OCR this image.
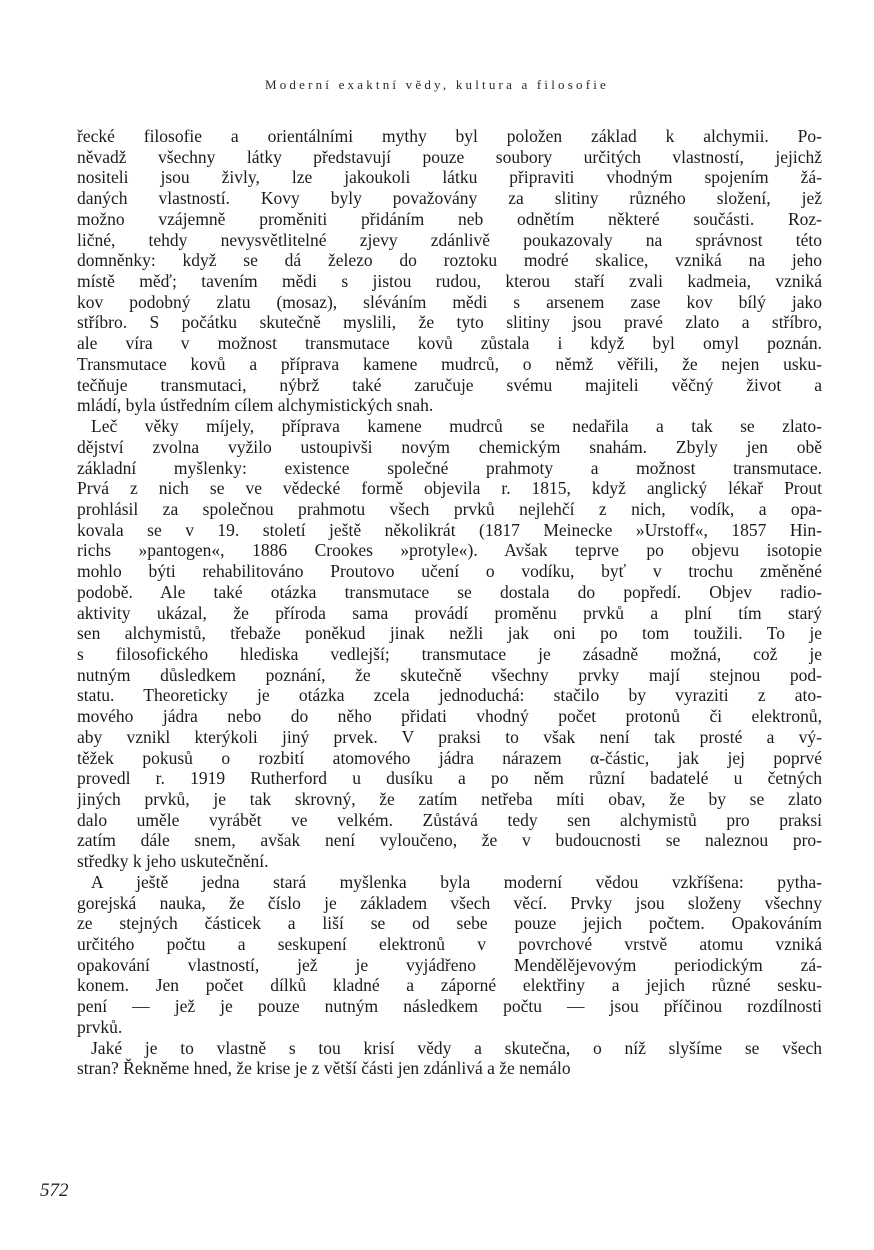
Moderní exaktní vědy, kultura a filosofie

řecké filosofie a orientálními mythy byl položen základ k alchymii. Po-
něvadž všechny látky představují pouze soubory určitých vlastností, jejichž
nositeli jsou živly, lze jakoukoli látku připraviti vhodným spojením žá-
daných vlastností. Kovy byly považovány za slitiny různého složení, jež
možno vzájemně proměniti přidáním neb odnětím některé součásti. Roz-
ličné, tehdy nevysvětlitelné zjevy zdánlivě poukazovaly na správnost této
domněnky: když se dá železo do roztoku modré skalice, vzniká na jeho
místě měď; tavením mědi s jistou rudou, kterou staří zvali kadmeia, vzniká
kov podobný zlatu (mosaz), sléváním mědi s arsenem zase kov bílý jako
stříbro. S počátku skutečně myslili, že tyto slitiny jsou pravé zlato a stříbro,
ale víra v možnost transmutace kovů zůstala i když byl omyl poznán.
Transmutace kovů a příprava kamene mudrců, o němž věřili, že nejen usku-
tečňuje transmutaci, nýbrž také zaručuje svému majiteli věčný život a
mládí, byla ústředním cílem alchymistických snah.

Leč věky míjely, příprava kamene mudrců se nedařila a tak se zlato-
dějství zvolna vyžilo ustoupivši novým chemickým snahám. Zbyly jen obě
základní myšlenky: existence společné prahmoty a možnost transmutace.
Prvá z nich se ve vědecké formě objevila r. 1815, když anglický lékař Prout
prohlásil za společnou prahmotu všech prvků nejlehčí z nich, vodík, a opa-
kovala se v 19. století ještě několikrát (1817 Meinecke »Urstoff«, 1857 Hin-
richs »pantogen«, 1886 Crookes »protyle«). Avšak teprve po objevu isotopie
mohlo býti rehabilitováno Proutovo učení o vodíku, byť v trochu změněné
podobě. Ale také otázka transmutace se dostala do popředí. Objev radio-
aktivity ukázal, že příroda sama provádí proměnu prvků a plní tím starý
sen alchymistů, třebaže poněkud jinak nežli jak oni po tom toužili. To je
s filosofického hlediska vedlejší; transmutace je zásadně možná, což je
nutným důsledkem poznání, že skutečně všechny prvky mají stejnou pod-
statu. Theoreticky je otázka zcela jednoduchá: stačilo by vyraziti z ato-
mového jádra nebo do něho přidati vhodný počet protonů či elektronů,
aby vznikl kterýkoli jiný prvek. V praksi to však není tak prosté a vý-
těžek pokusů o rozbití atomového jádra nárazem α-částic, jak jej poprvé
provedl r. 1919 Rutherford u dusíku a po něm různí badatelé u četných
jiných prvků, je tak skrovný, že zatím netřeba míti obav, že by se zlato
dalo uměle vyrábět ve velkém. Zůstává tedy sen alchymistů pro praksi
zatím dále snem, avšak není vyloučeno, že v budoucnosti se naleznou pro-
středky k jeho uskutečnění.

A ještě jedna stará myšlenka byla moderní vědou vzkříšena: pytha-
gorejská nauka, že číslo je základem všech věcí. Prvky jsou složeny všechny
ze stejných částicek a liší se od sebe pouze jejich počtem. Opakováním
určitého počtu a seskupení elektronů v povrchové vrstvě atomu vzniká
opakování vlastností, jež je vyjádřeno Mendělějevovým periodickým zá-
konem. Jen počet dílků kladné a záporné elektřiny a jejich různé sesku-
pení — jež je pouze nutným následkem počtu — jsou příčinou rozdílnosti
prvků.

Jaké je to vlastně s tou krisí vědy a skutečna, o níž slyšíme se všech
stran? Řekněme hned, že krise je z větší části jen zdánlivá a že nemálo

572
